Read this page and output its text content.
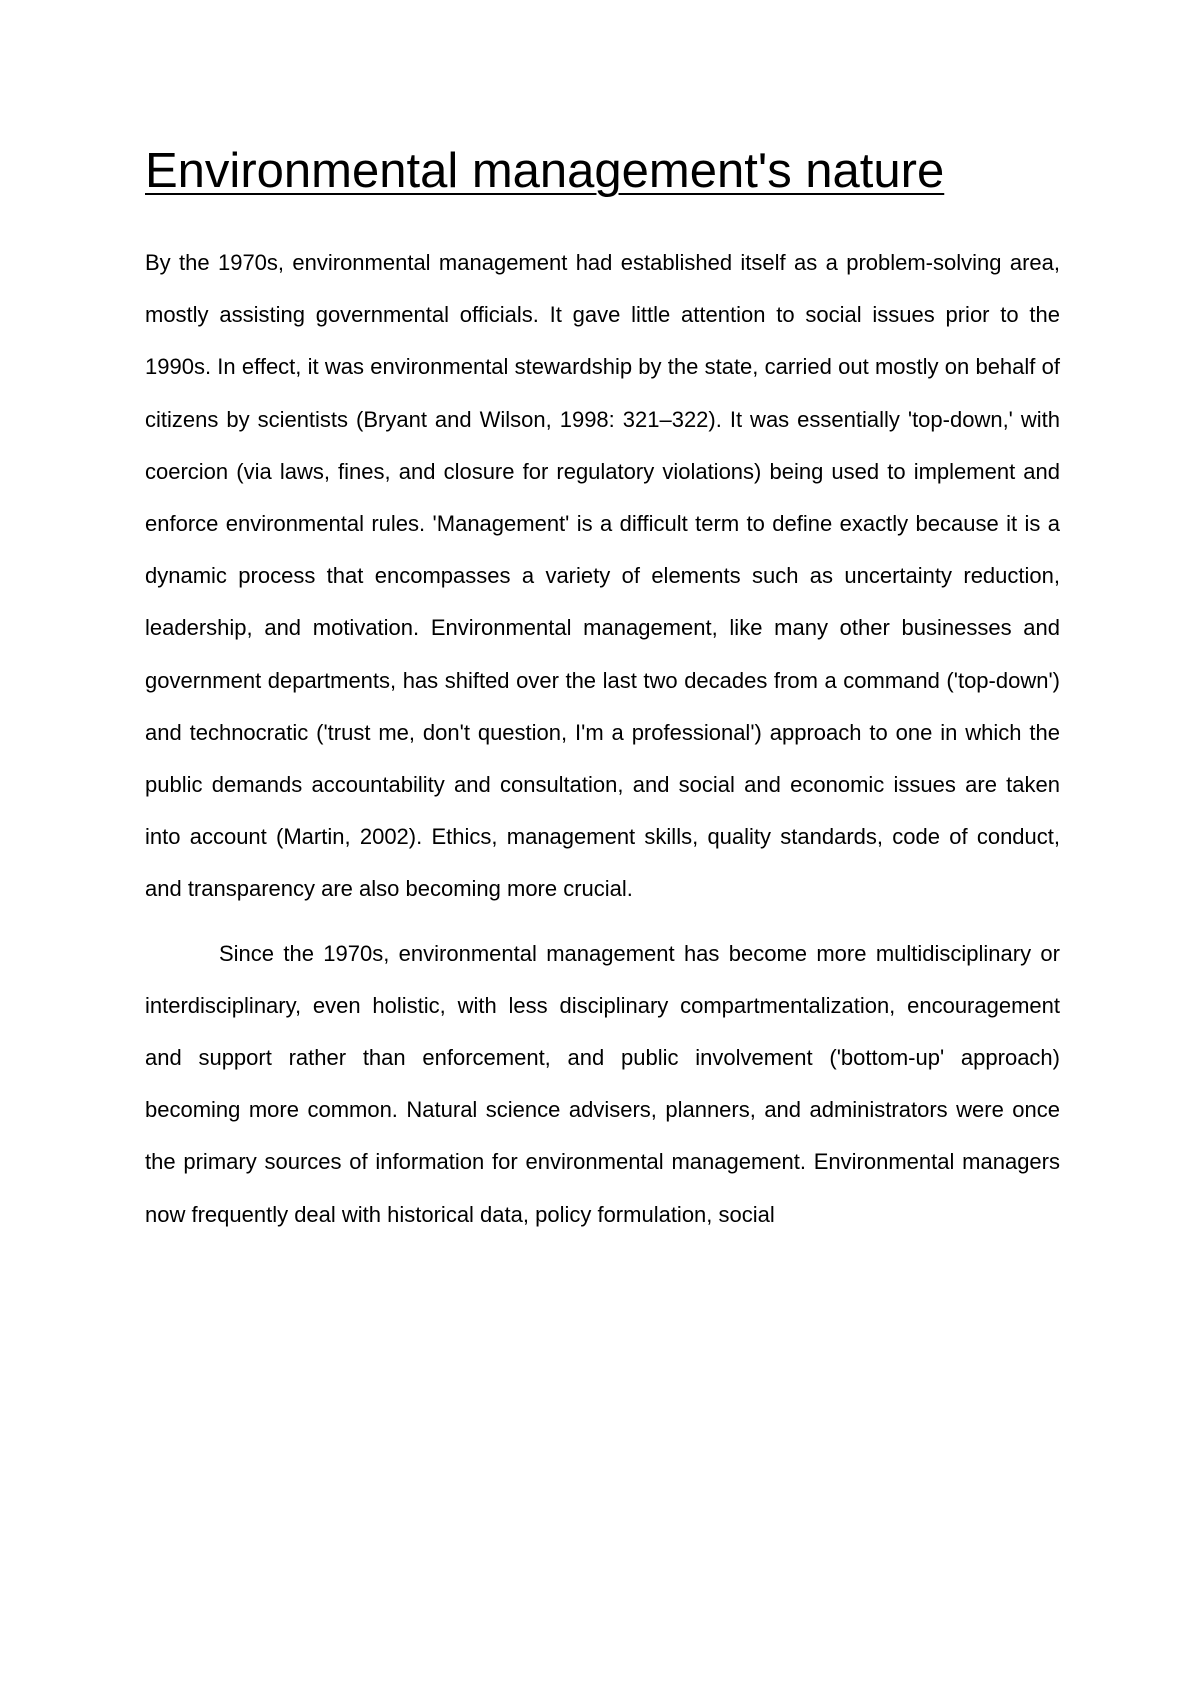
Environmental management's nature

By the 1970s, environmental management had established itself as a problem-solving area, mostly assisting governmental officials. It gave little attention to social issues prior to the 1990s. In effect, it was environmental stewardship by the state, carried out mostly on behalf of citizens by scientists (Bryant and Wilson, 1998: 321–322). It was essentially 'top-down,' with coercion (via laws, fines, and closure for regulatory violations) being used to implement and enforce environmental rules. 'Management' is a difficult term to define exactly because it is a dynamic process that encompasses a variety of elements such as uncertainty reduction, leadership, and motivation. Environmental management, like many other businesses and government departments, has shifted over the last two decades from a command ('top-down') and technocratic ('trust me, don't question, I'm a professional') approach to one in which the public demands accountability and consultation, and social and economic issues are taken into account (Martin, 2002). Ethics, management skills, quality standards, code of conduct, and transparency are also becoming more crucial.

Since the 1970s, environmental management has become more multidisciplinary or interdisciplinary, even holistic, with less disciplinary compartmentalization, encouragement and support rather than enforcement, and public involvement ('bottom-up' approach) becoming more common. Natural science advisers, planners, and administrators were once the primary sources of information for environmental management. Environmental managers now frequently deal with historical data, policy formulation, social
